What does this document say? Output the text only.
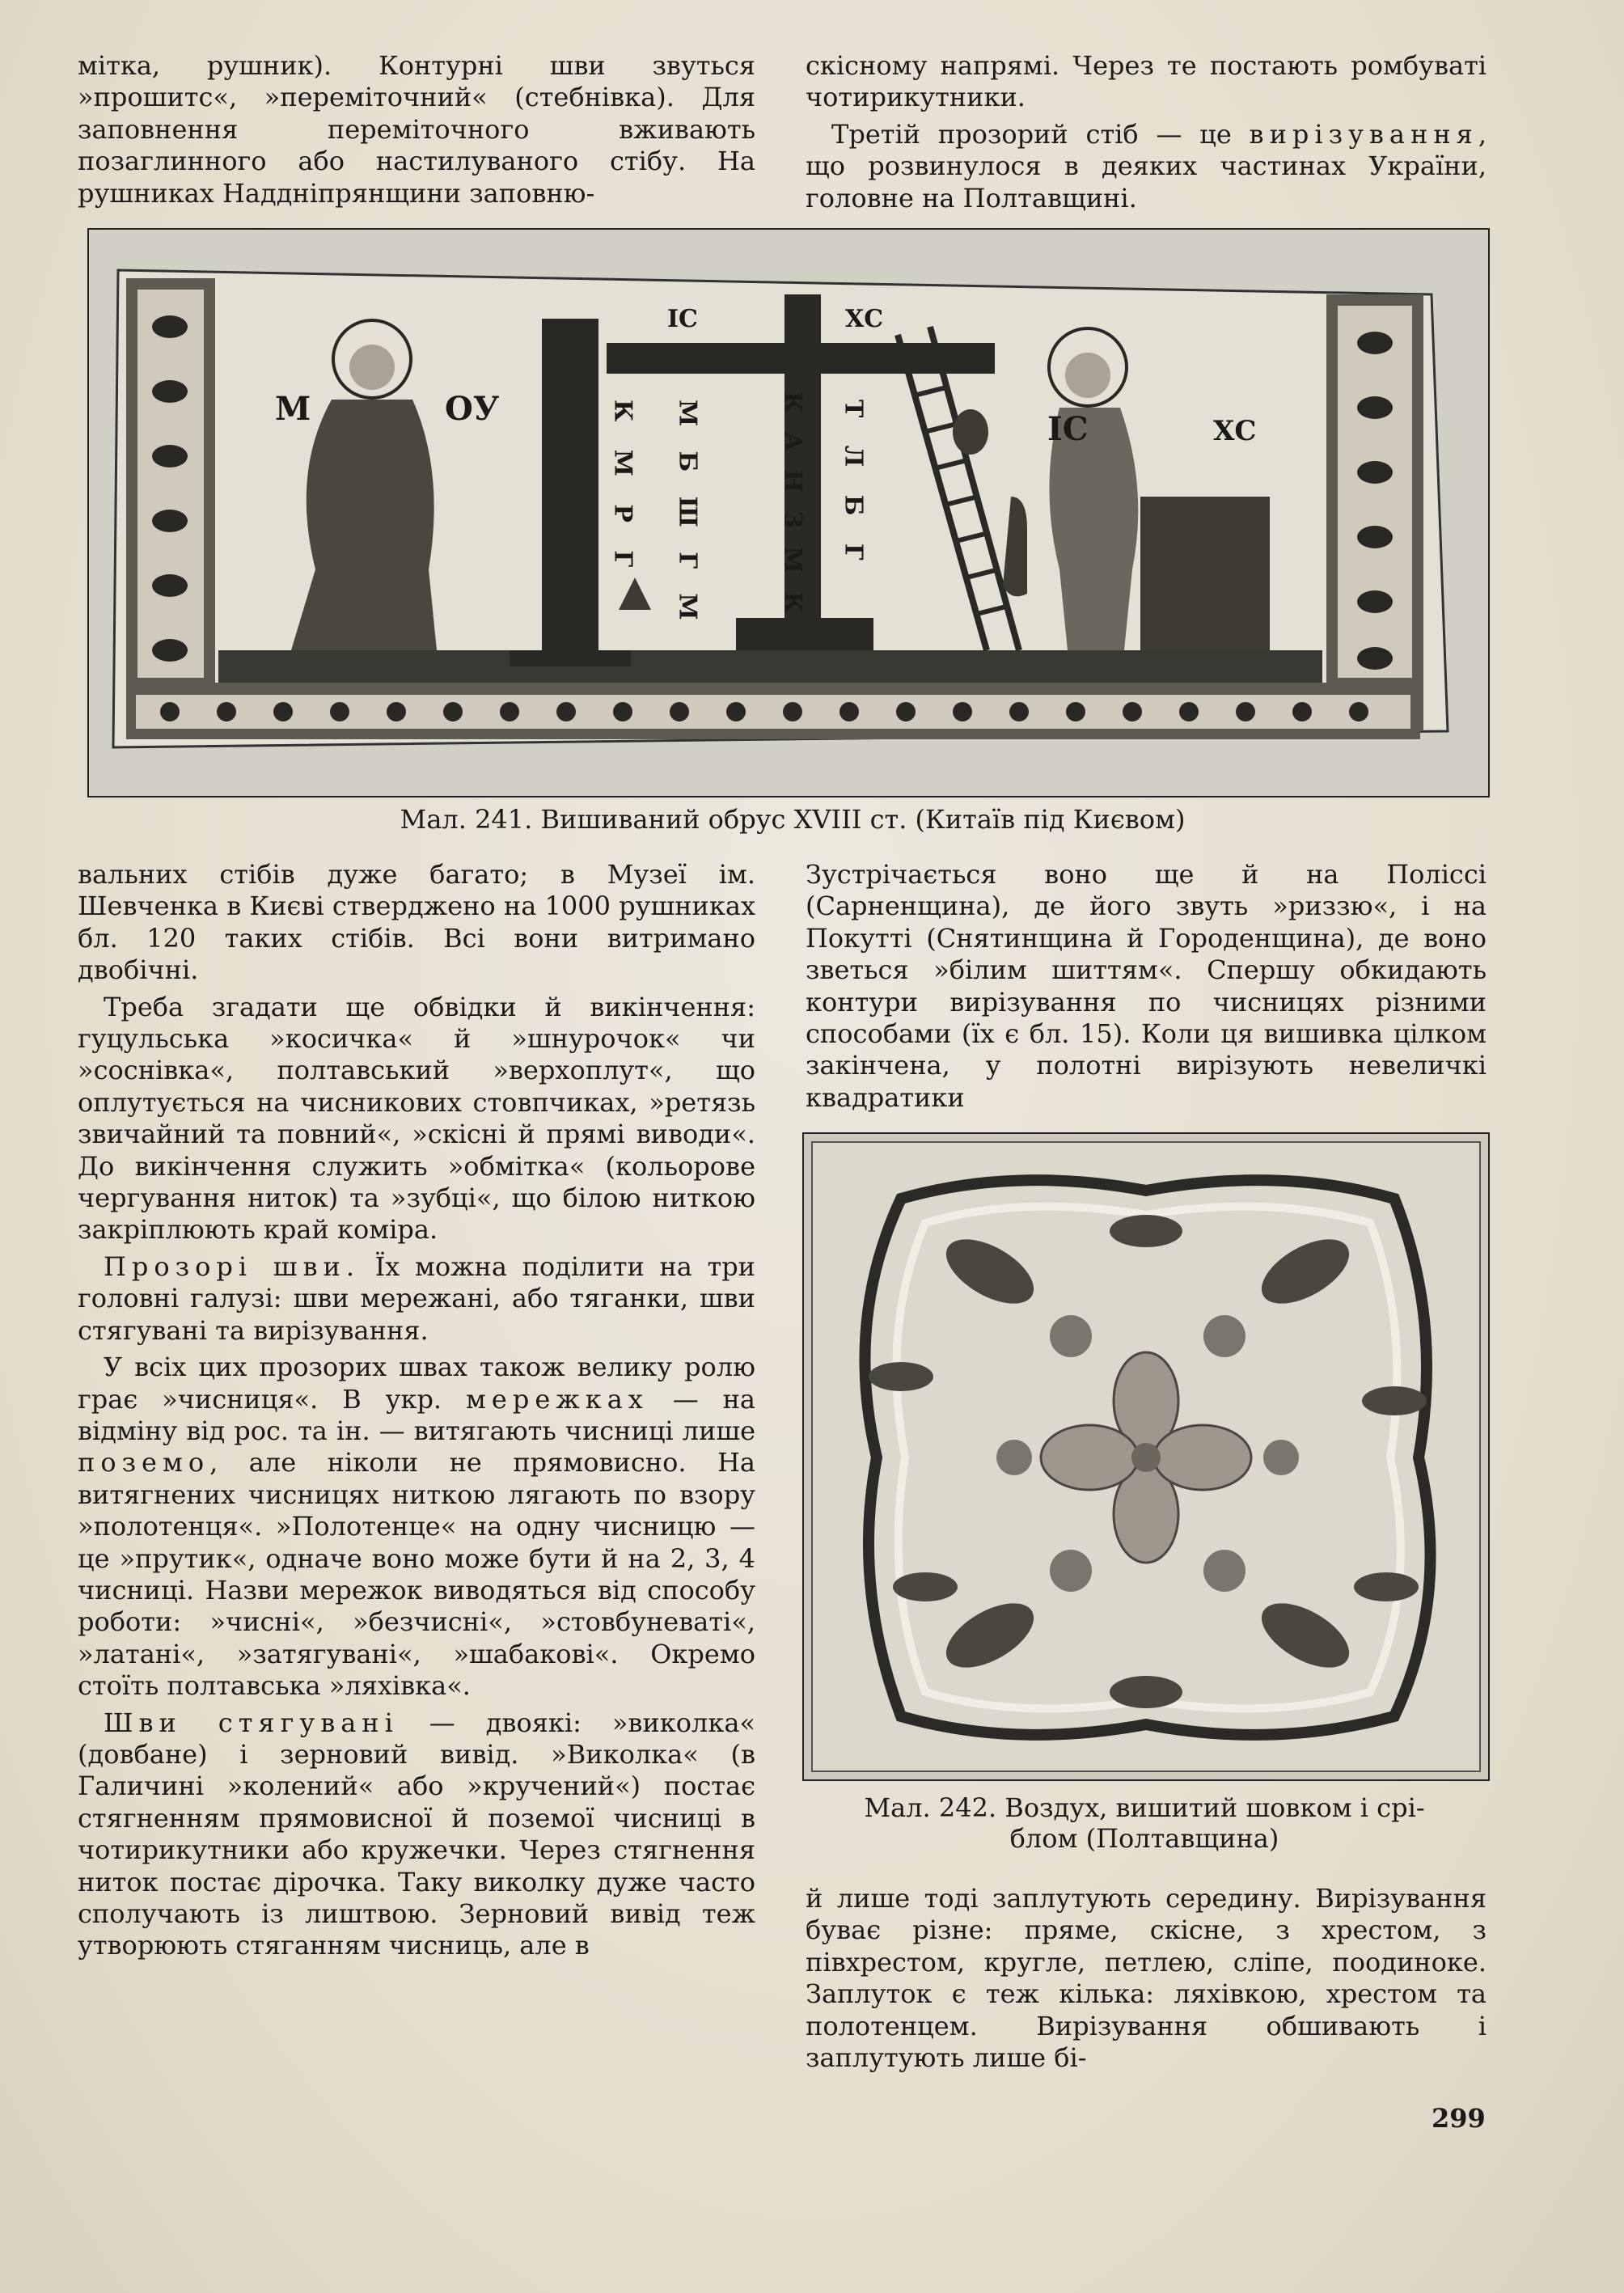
мітка, рушник). Контурні шви звуться »прошитс«, »переміточний« (стебнівка). Для заповнення переміточного вживають позаглинного або настилуваного стібу. На рушниках Наддніпрянщини заповню-

скісному напрямі. Через те постають ромбуваті чотирикутники.

Третій прозорий стіб — це вирізування, що розвинулося в деяких частинах України, головне на Полтавщині.

М	ОУ
ІС	ХС
ІС	ХС
К М Р Г М Б Ш Г М	К А Н З М К Т Л Б Г
Мал. 241. Вишиваний обрус XVIII ст. (Китаїв під Києвом)

вальних стібів дуже багато; в Музеї ім. Шевченка в Києві ствердженo на 1000 рушниках бл. 120 таких стібів. Всі вони витримано двобічні.

Треба згадати ще обвідки й викінчення: гуцульська »косичка« й »шнурочок« чи »соснівка«, полтавський »верхоплут«, що оплутується на чисникових стовпчиках, »ретязь звичайний та повний«, »скісні й прямі виводи«. До викінчення служить »обмітка« (кольорове чергування ниток) та »зубці«, що білою ниткою закріплюють край коміра.

Прозорі шви. Їх можна поділити на три головні галузі: шви мережані, або тяганки, шви стягувані та вирізування.

У всіх цих прозорих швах також велику ролю грає »чисниця«. В укр. мережках — на відміну від рос. та ін. — витягають чисниці лише поземо, але ніколи не прямовисно. На витягнених чисницях ниткою лягають по взору »полотенця«. »Полотенце« на одну чисницю — це »прутик«, одначе воно може бути й на 2, 3, 4 чисниці. Назви мережок виводяться від способу роботи: »чисні«, »безчисні«, »стовбуневаті«, »латані«, »затягувані«, »шабакові«. Окремо стоїть полтавська »ляхівка«.

Шви стягувані — двоякі: »виколка« (довбане) і зерновий вивід. »Виколка« (в Галичині »колений« або »кручений«) постає стягненням прямовисної й поземої чисниці в чотирикутники або кружечки. Через стягнення ниток постає дірочка. Таку виколку дуже часто сполучають із лиштвою. Зерновий вивід теж утворюють стяганням чисниць, але в

Зустрічається воно ще й на Поліссі (Сарненщина), де його звуть »риззю«, і на Покутті (Снятинщина й Городенщина), де воно зветься »білим шиттям«. Спершу обкидають контури вирізування по чисницях різними способами (їх є бл. 15). Коли ця вишивка цілком закінчена, у полотні вирізують невеличкі квадратики

Мал. 242. Воздух, вишитий шовком і срі-
блом (Полтавщина)

й лише тоді заплутують середину. Вирізування буває різне: пряме, скісне, з хрестом, з півхрестом, кругле, петлею, сліпе, поодиноке. Заплуток є теж кілька: ляхівкою, хрестом та полотенцем. Вирізування обшивають і заплутують лише бі-

299
